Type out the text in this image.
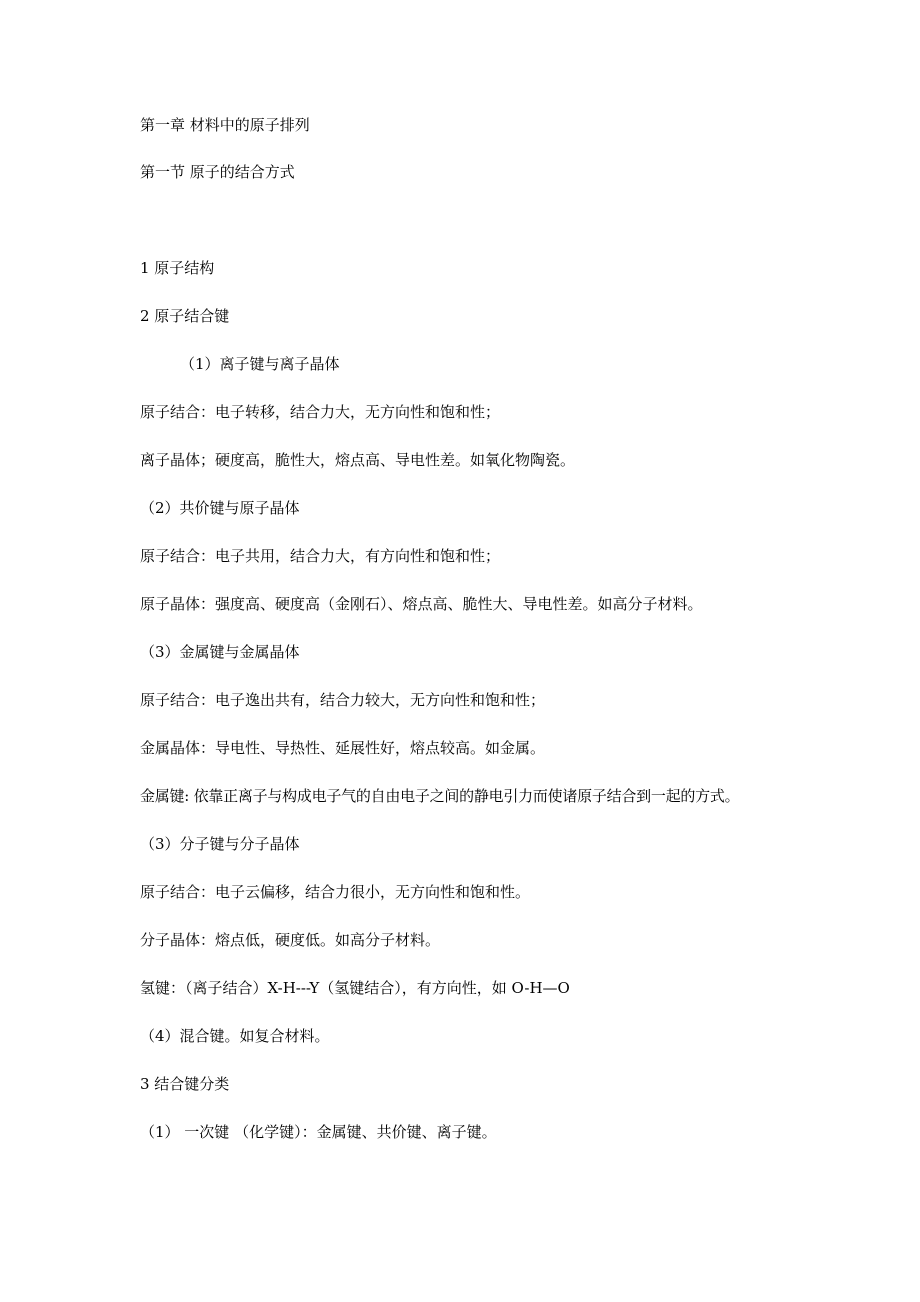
第一章 材料中的原子排列

第一节 原子的结合方式

1 原子结构

2 原子结合键

（1）离子键与离子晶体

原子结合：电子转移，结合力大，无方向性和饱和性；

离子晶体；硬度高，脆性大，熔点高、导电性差。如氧化物陶瓷。

（2）共价键与原子晶体

原子结合：电子共用，结合力大，有方向性和饱和性；

原子晶体：强度高、硬度高（金刚石）、熔点高、脆性大、导电性差。如高分子材料。

（3）金属键与金属晶体

原子结合：电子逸出共有，结合力较大，无方向性和饱和性；

金属晶体：导电性、导热性、延展性好，熔点较高。如金属。

金属键: 依靠正离子与构成电子气的自由电子之间的静电引力而使诸原子结合到一起的方式。

（3）分子键与分子晶体

原子结合：电子云偏移，结合力很小，无方向性和饱和性。

分子晶体：熔点低，硬度低。如高分子材料。

氢键：（离子结合）X-H---Y（氢键结合），有方向性，如 O-H—O

（4）混合键。如复合材料。

3 结合键分类

（1） 一次键 （化学键）：金属键、共价键、离子键。
